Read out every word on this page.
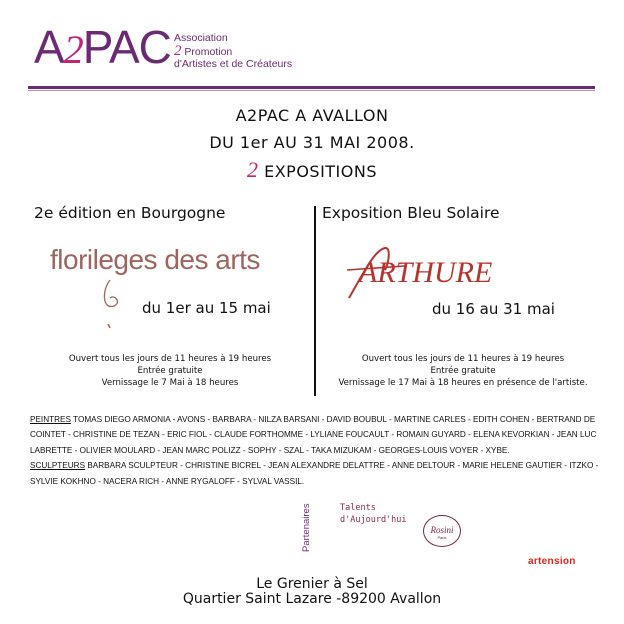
A2PAC Association
2 Promotion
d'Artistes et de Créateurs
A2PAC A AVALLON
DU 1er AU 31 MAI 2008.
2 EXPOSITIONS
2e édition en Bourgogne
florileges des arts
du 1er au 15 mai
Ouvert tous les jours de 11 heures à 19 heures
Entrée gratuite
Vernissage le 7 Mai à 18 heures
Exposition Bleu Solaire
ARTHURE
du 16 au 31 mai
Ouvert tous les jours de 11 heures à 19 heures
Entrée gratuite
Vernissage le 17 Mai à 18 heures en présence de l'artiste.
PEINTRES TOMAS DIEGO ARMONIA - AVONS - BARBARA - NILZA BARSANI - DAVID BOUBUL - MARTINE CARLES - EDITH COHEN - BERTRAND DE COINTET - CHRISTINE DE TEZAN - ERIC FIOL - CLAUDE FORTHOMME - LYLIANE FOUCAULT - ROMAIN GUYARD - ELENA KEVORKIAN - JEAN LUC LABRETTE - OLIVIER MOULARD - JEAN MARC POLIZZ - SOPHY - SZAL - TAKA MIZUKAM - GEORGES-LOUIS VOYER - XYBE.
SCULPTEURS BARBARA SCULPTEUR - CHRISTINE BICREL - JEAN ALEXANDRE DELATTRE - ANNE DELTOUR - MARIE HELENE GAUTIER - ITZKO - SYLVIE KOKHNO - NACERA RICH - ANNE RYGALOFF - SYLVAL VASSIL.
Partenaires	Talents
d'Aujourd'hui
Rosini
Paris
artension
Le Grenier à Sel
Quartier Saint Lazare -89200 Avallon
